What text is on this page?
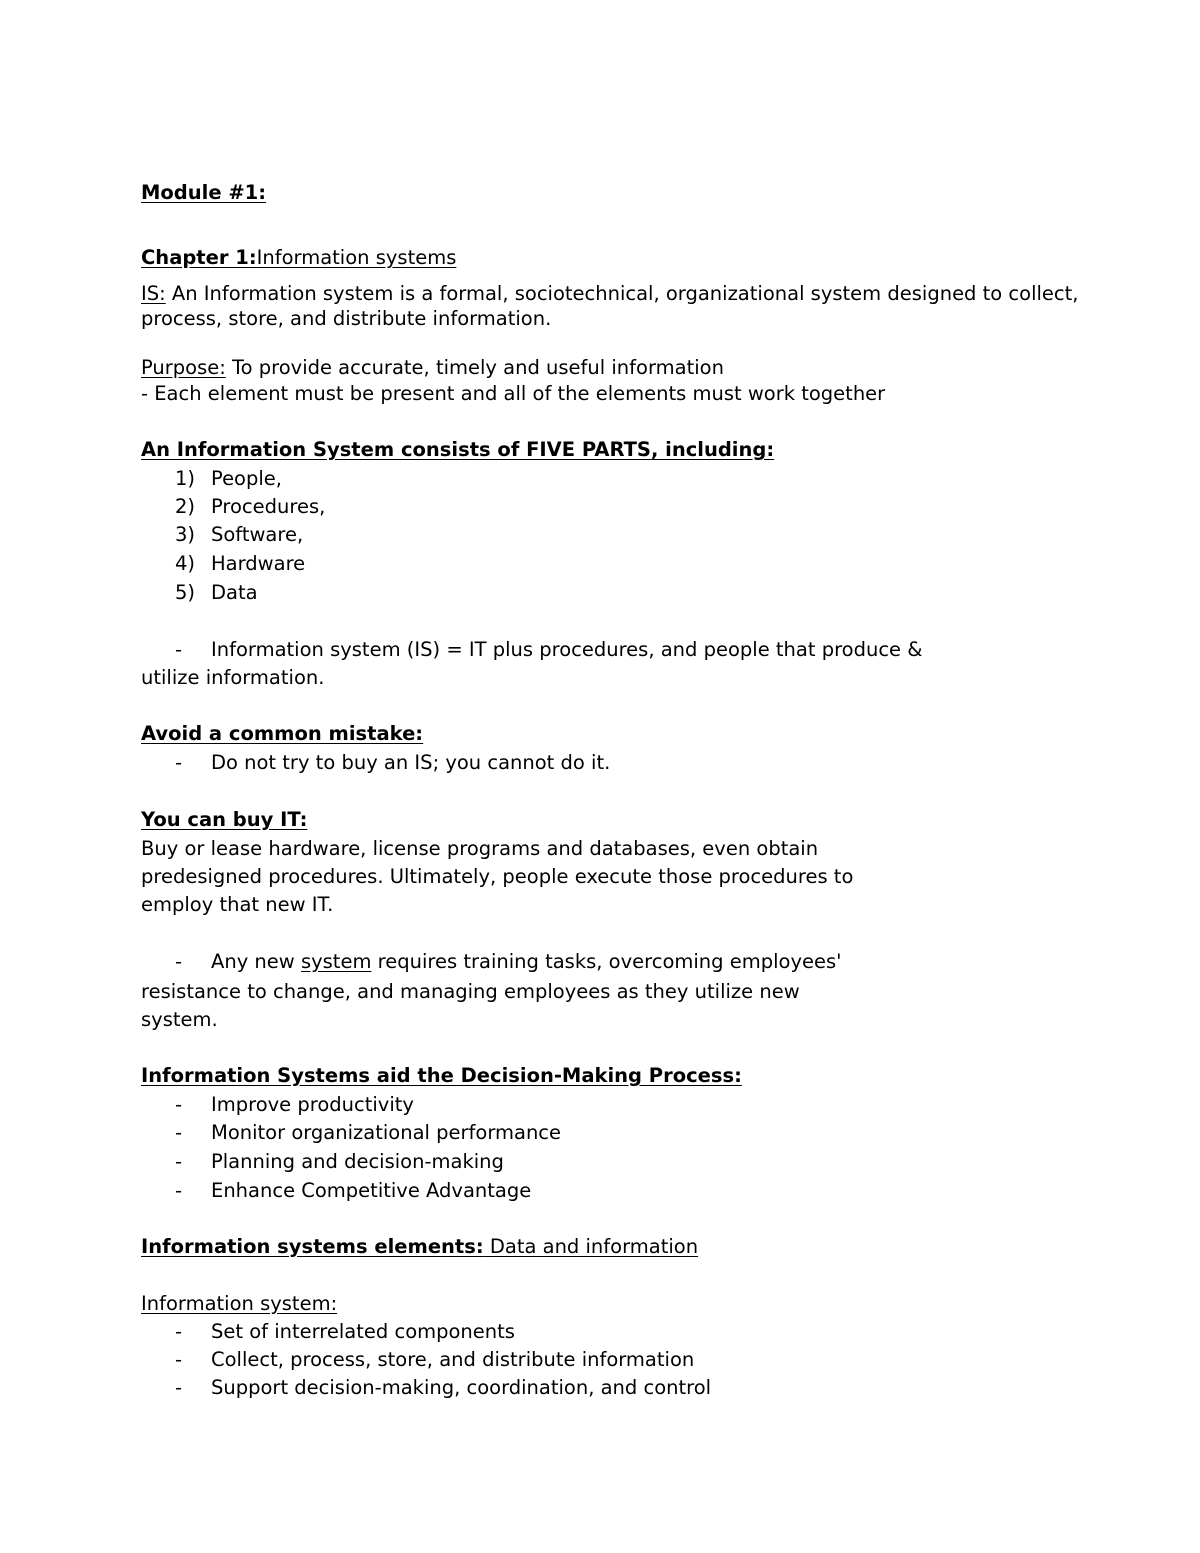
Module #1:
Chapter 1:Information systems
IS: An Information system is a formal, sociotechnical, organizational system designed to collect,
process, store, and distribute information.
Purpose: To provide accurate, timely and useful information
- Each element must be present and all of the elements must work together
An Information System consists of FIVE PARTS, including:
1) People,
2) Procedures,
3) Software,
4) Hardware
5) Data
- Information system (IS) = IT plus procedures, and people that produce &
utilize information.
Avoid a common mistake:
- Do not try to buy an IS; you cannot do it.
You can buy IT:
Buy or lease hardware, license programs and databases, even obtain
predesigned procedures. Ultimately, people execute those procedures to
employ that new IT.
- Any new system requires training tasks, overcoming employees'
resistance to change, and managing employees as they utilize new
system.
Information Systems aid the Decision-Making Process:
- Improve productivity
- Monitor organizational performance
- Planning and decision-making
- Enhance Competitive Advantage
Information systems elements: Data and information
Information system:
- Set of interrelated components
- Collect, process, store, and distribute information
- Support decision-making, coordination, and control
